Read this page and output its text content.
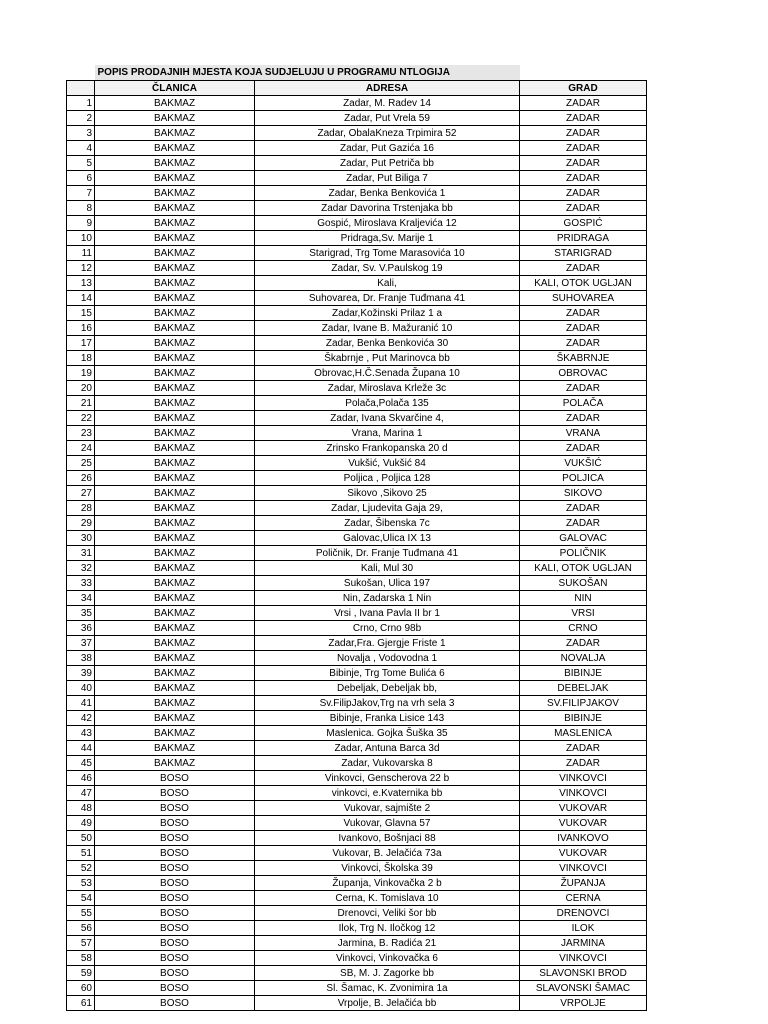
	POPIS PRODAJNIH MJESTA KOJA SUDJELUJU U PROGRAMU NTLOGIJA		
	ČLANICA	ADRESA	GRAD
1	BAKMAZ	Zadar, M. Radev 14	ZADAR
2	BAKMAZ	Zadar, Put Vrela 59	ZADAR
3	BAKMAZ	Zadar, ObalaKneza Trpimira 52	ZADAR
4	BAKMAZ	Zadar, Put Gazića 16	ZADAR
5	BAKMAZ	Zadar, Put Petriča bb	ZADAR
6	BAKMAZ	Zadar, Put Biliga 7	ZADAR
7	BAKMAZ	Zadar, Benka Benkovića 1	ZADAR
8	BAKMAZ	Zadar Davorina Trstenjaka bb	ZADAR
9	BAKMAZ	Gospić, Miroslava Kraljevića 12	GOSPIĆ
10	BAKMAZ	Pridraga,Sv. Marije 1	PRIDRAGA
11	BAKMAZ	Starigrad, Trg Tome Marasovića 10	STARIGRAD
12	BAKMAZ	Zadar, Sv. V.Paulskog 19	ZADAR
13	BAKMAZ	Kali,	KALI, OTOK UGLJAN
14	BAKMAZ	Suhovarea, Dr. Franje Tuđmana 41	SUHOVAREA
15	BAKMAZ	Zadar,Kožinski Prilaz 1 a	ZADAR
16	BAKMAZ	Zadar, Ivane B. Mažuranić 10	ZADAR
17	BAKMAZ	Zadar, Benka Benkovića 30	ZADAR
18	BAKMAZ	Škabrnje , Put Marinovca bb	ŠKABRNJE
19	BAKMAZ	Obrovac,H.Č.Senada Župana 10	OBROVAC
20	BAKMAZ	Zadar, Miroslava Krleže 3c	ZADAR
21	BAKMAZ	Polača,Polača 135	POLAČA
22	BAKMAZ	Zadar, Ivana Skvarčine 4,	ZADAR
23	BAKMAZ	Vrana, Marina 1	VRANA
24	BAKMAZ	Zrinsko Frankopanska 20 d	ZADAR
25	BAKMAZ	Vukšić, Vukšić 84	VUKŠIĆ
26	BAKMAZ	Poljica , Poljica 128	POLJICA
27	BAKMAZ	Sikovo ,Sikovo 25	SIKOVO
28	BAKMAZ	Zadar, Ljudevita Gaja 29,	ZADAR
29	BAKMAZ	Zadar, Šibenska 7c	ZADAR
30	BAKMAZ	Galovac,Ulica IX 13	GALOVAC
31	BAKMAZ	Poličnik, Dr. Franje Tuđmana 41	POLIČNIK
32	BAKMAZ	Kali, Mul 30	KALI, OTOK UGLJAN
33	BAKMAZ	Sukošan, Ulica 197	SUKOŠAN
34	BAKMAZ	Nin, Zadarska 1 Nin	NIN
35	BAKMAZ	Vrsi , Ivana Pavla II br 1	VRSI
36	BAKMAZ	Crno, Crno 98b	CRNO
37	BAKMAZ	Zadar,Fra. Gjergje Friste 1	ZADAR
38	BAKMAZ	Novalja , Vodovodna 1	NOVALJA
39	BAKMAZ	Bibinje, Trg Tome Bulića 6	BIBINJE
40	BAKMAZ	Debeljak, Debeljak bb,	DEBELJAK
41	BAKMAZ	Sv.FilipJakov,Trg na vrh sela 3	SV.FILIPJAKOV
42	BAKMAZ	Bibinje, Franka Lisice 143	BIBINJE
43	BAKMAZ	Maslenica. Gojka Šuška 35	MASLENICA
44	BAKMAZ	Zadar, Antuna Barca 3d	ZADAR
45	BAKMAZ	Zadar, Vukovarska 8	ZADAR
46	BOSO	Vinkovci, Genscherova 22 b	VINKOVCI
47	BOSO	vinkovci, e.Kvaternika bb	VINKOVCI
48	BOSO	Vukovar, sajmište 2	VUKOVAR
49	BOSO	Vukovar, Glavna 57	VUKOVAR
50	BOSO	Ivankovo, Bošnjaci 88	IVANKOVO
51	BOSO	Vukovar, B. Jelačića 73a	VUKOVAR
52	BOSO	Vinkovci, Školska 39	VINKOVCI
53	BOSO	Županja, Vinkovačka 2 b	ŽUPANJA
54	BOSO	Cerna, K. Tomislava 10	CERNA
55	BOSO	Drenovci, Veliki šor bb	DRENOVCI
56	BOSO	Ilok, Trg N. Iločkog 12	ILOK
57	BOSO	Jarmina, B. Radića 21	JARMINA
58	BOSO	Vinkovci, Vinkovačka 6	VINKOVCI
59	BOSO	SB, M. J. Zagorke bb	SLAVONSKI BROD
60	BOSO	Sl. Šamac, K. Zvonimira 1a	SLAVONSKI ŠAMAC
61	BOSO	Vrpolje, B. Jelačića bb	VRPOLJE
